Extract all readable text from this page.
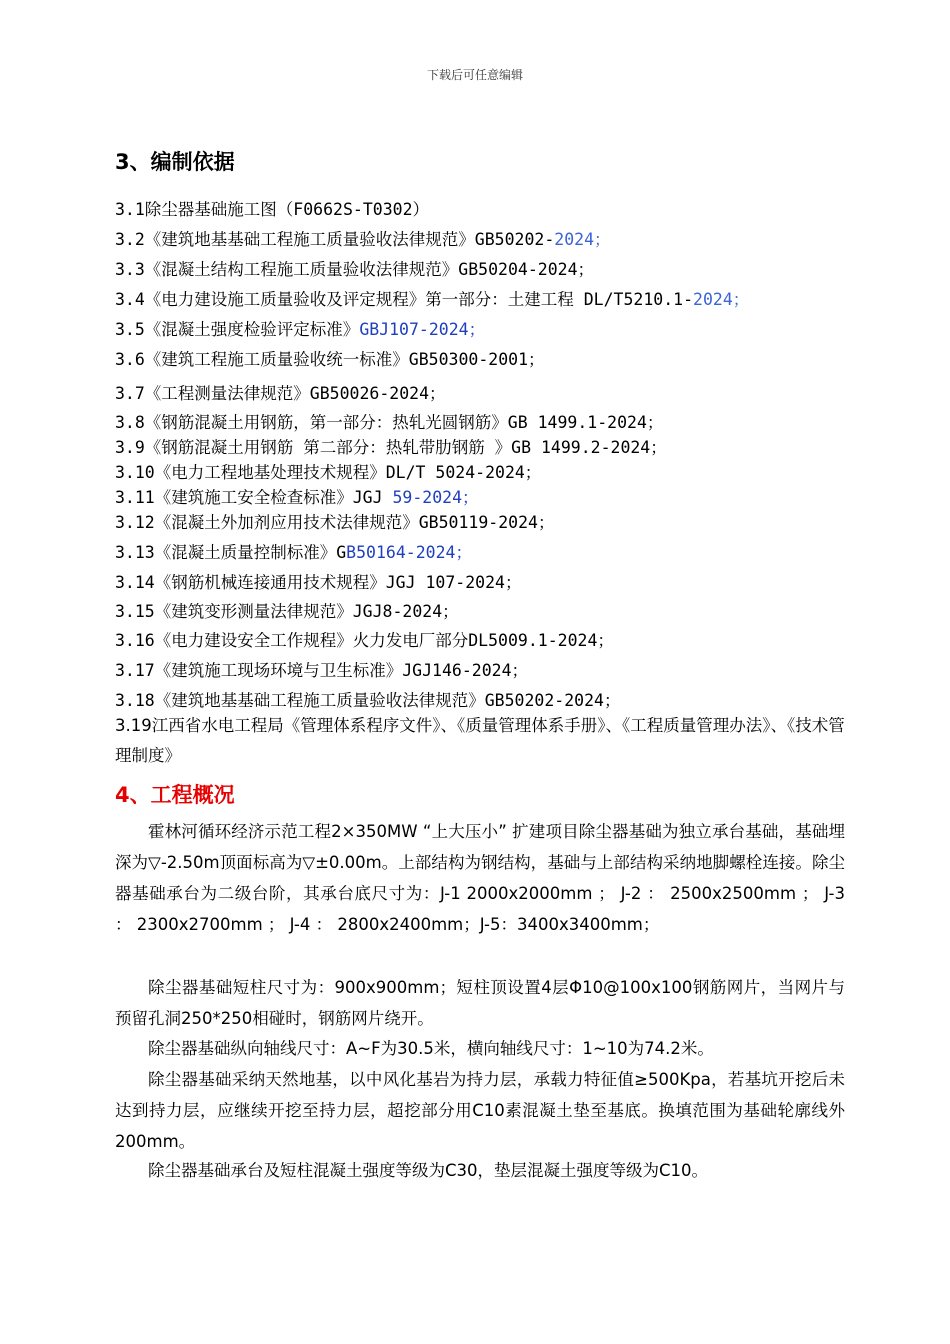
下载后可任意编辑
3、编制依据
3.1除尘器基础施工图（F0662S-T0302）
3.2《建筑地基基础工程施工质量验收法律规范》GB50202-2024；
3.3《混凝土结构工程施工质量验收法律规范》GB50204-2024；
3.4《电力建设施工质量验收及评定规程》第一部分：土建工程 DL/T5210.1-2024；
3.5《混凝土强度检验评定标准》GBJ107-2024；
3.6《建筑工程施工质量验收统一标准》GB50300-2001；
3.7《工程测量法律规范》GB50026-2024；
3.8《钢筋混凝土用钢筋，第一部分：热轧光圆钢筋》GB 1499.1-2024；
3.9《钢筋混凝土用钢筋 第二部分：热轧带肋钢筋 》GB 1499.2-2024；
3.10《电力工程地基处理技术规程》DL/T 5024-2024；
3.11《建筑施工安全检查标准》JGJ 59-2024；
3.12《混凝土外加剂应用技术法律规范》GB50119-2024；
3.13《混凝土质量控制标准》GB50164-2024；
3.14《钢筋机械连接通用技术规程》JGJ 107-2024；
3.15《建筑变形测量法律规范》JGJ8-2024；
3.16《电力建设安全工作规程》火力发电厂部分DL5009.1-2024；
3.17《建筑施工现场环境与卫生标准》JGJ146-2024；
3.18《建筑地基基础工程施工质量验收法律规范》GB50202-2024；
3.19江西省水电工程局《管理体系程序文件》、《质量管理体系手册》、《工程质量管理办法》、《技术管理制度》
4、工程概况
霍林河循环经济示范工程2×350MW “上大压小” 扩建项目除尘器基础为独立承台基础，基础埋深为▽-2.50m顶面标高为▽±0.00m。上部结构为钢结构，基础与上部结构采纳地脚螺栓连接。除尘器基础承台为二级台阶，其承台底尺寸为：J-1 2000x2000mm ； J-2 ： 2500x2500mm ； J-3 ： 2300x2700mm ； J-4 ： 2800x2400mm；J-5：3400x3400mm；
除尘器基础短柱尺寸为：900x900mm；短柱顶设置4层Φ10@100x100钢筋网片，当网片与预留孔洞250*250相碰时，钢筋网片绕开。
除尘器基础纵向轴线尺寸：A~F为30.5米，横向轴线尺寸：1~10为74.2米。
除尘器基础采纳天然地基，以中风化基岩为持力层，承载力特征值≥500Kpa，若基坑开挖后未达到持力层，应继续开挖至持力层，超挖部分用C10素混凝土垫至基底。换填范围为基础轮廓线外200mm。
除尘器基础承台及短柱混凝土强度等级为C30，垫层混凝土强度等级为C10。
